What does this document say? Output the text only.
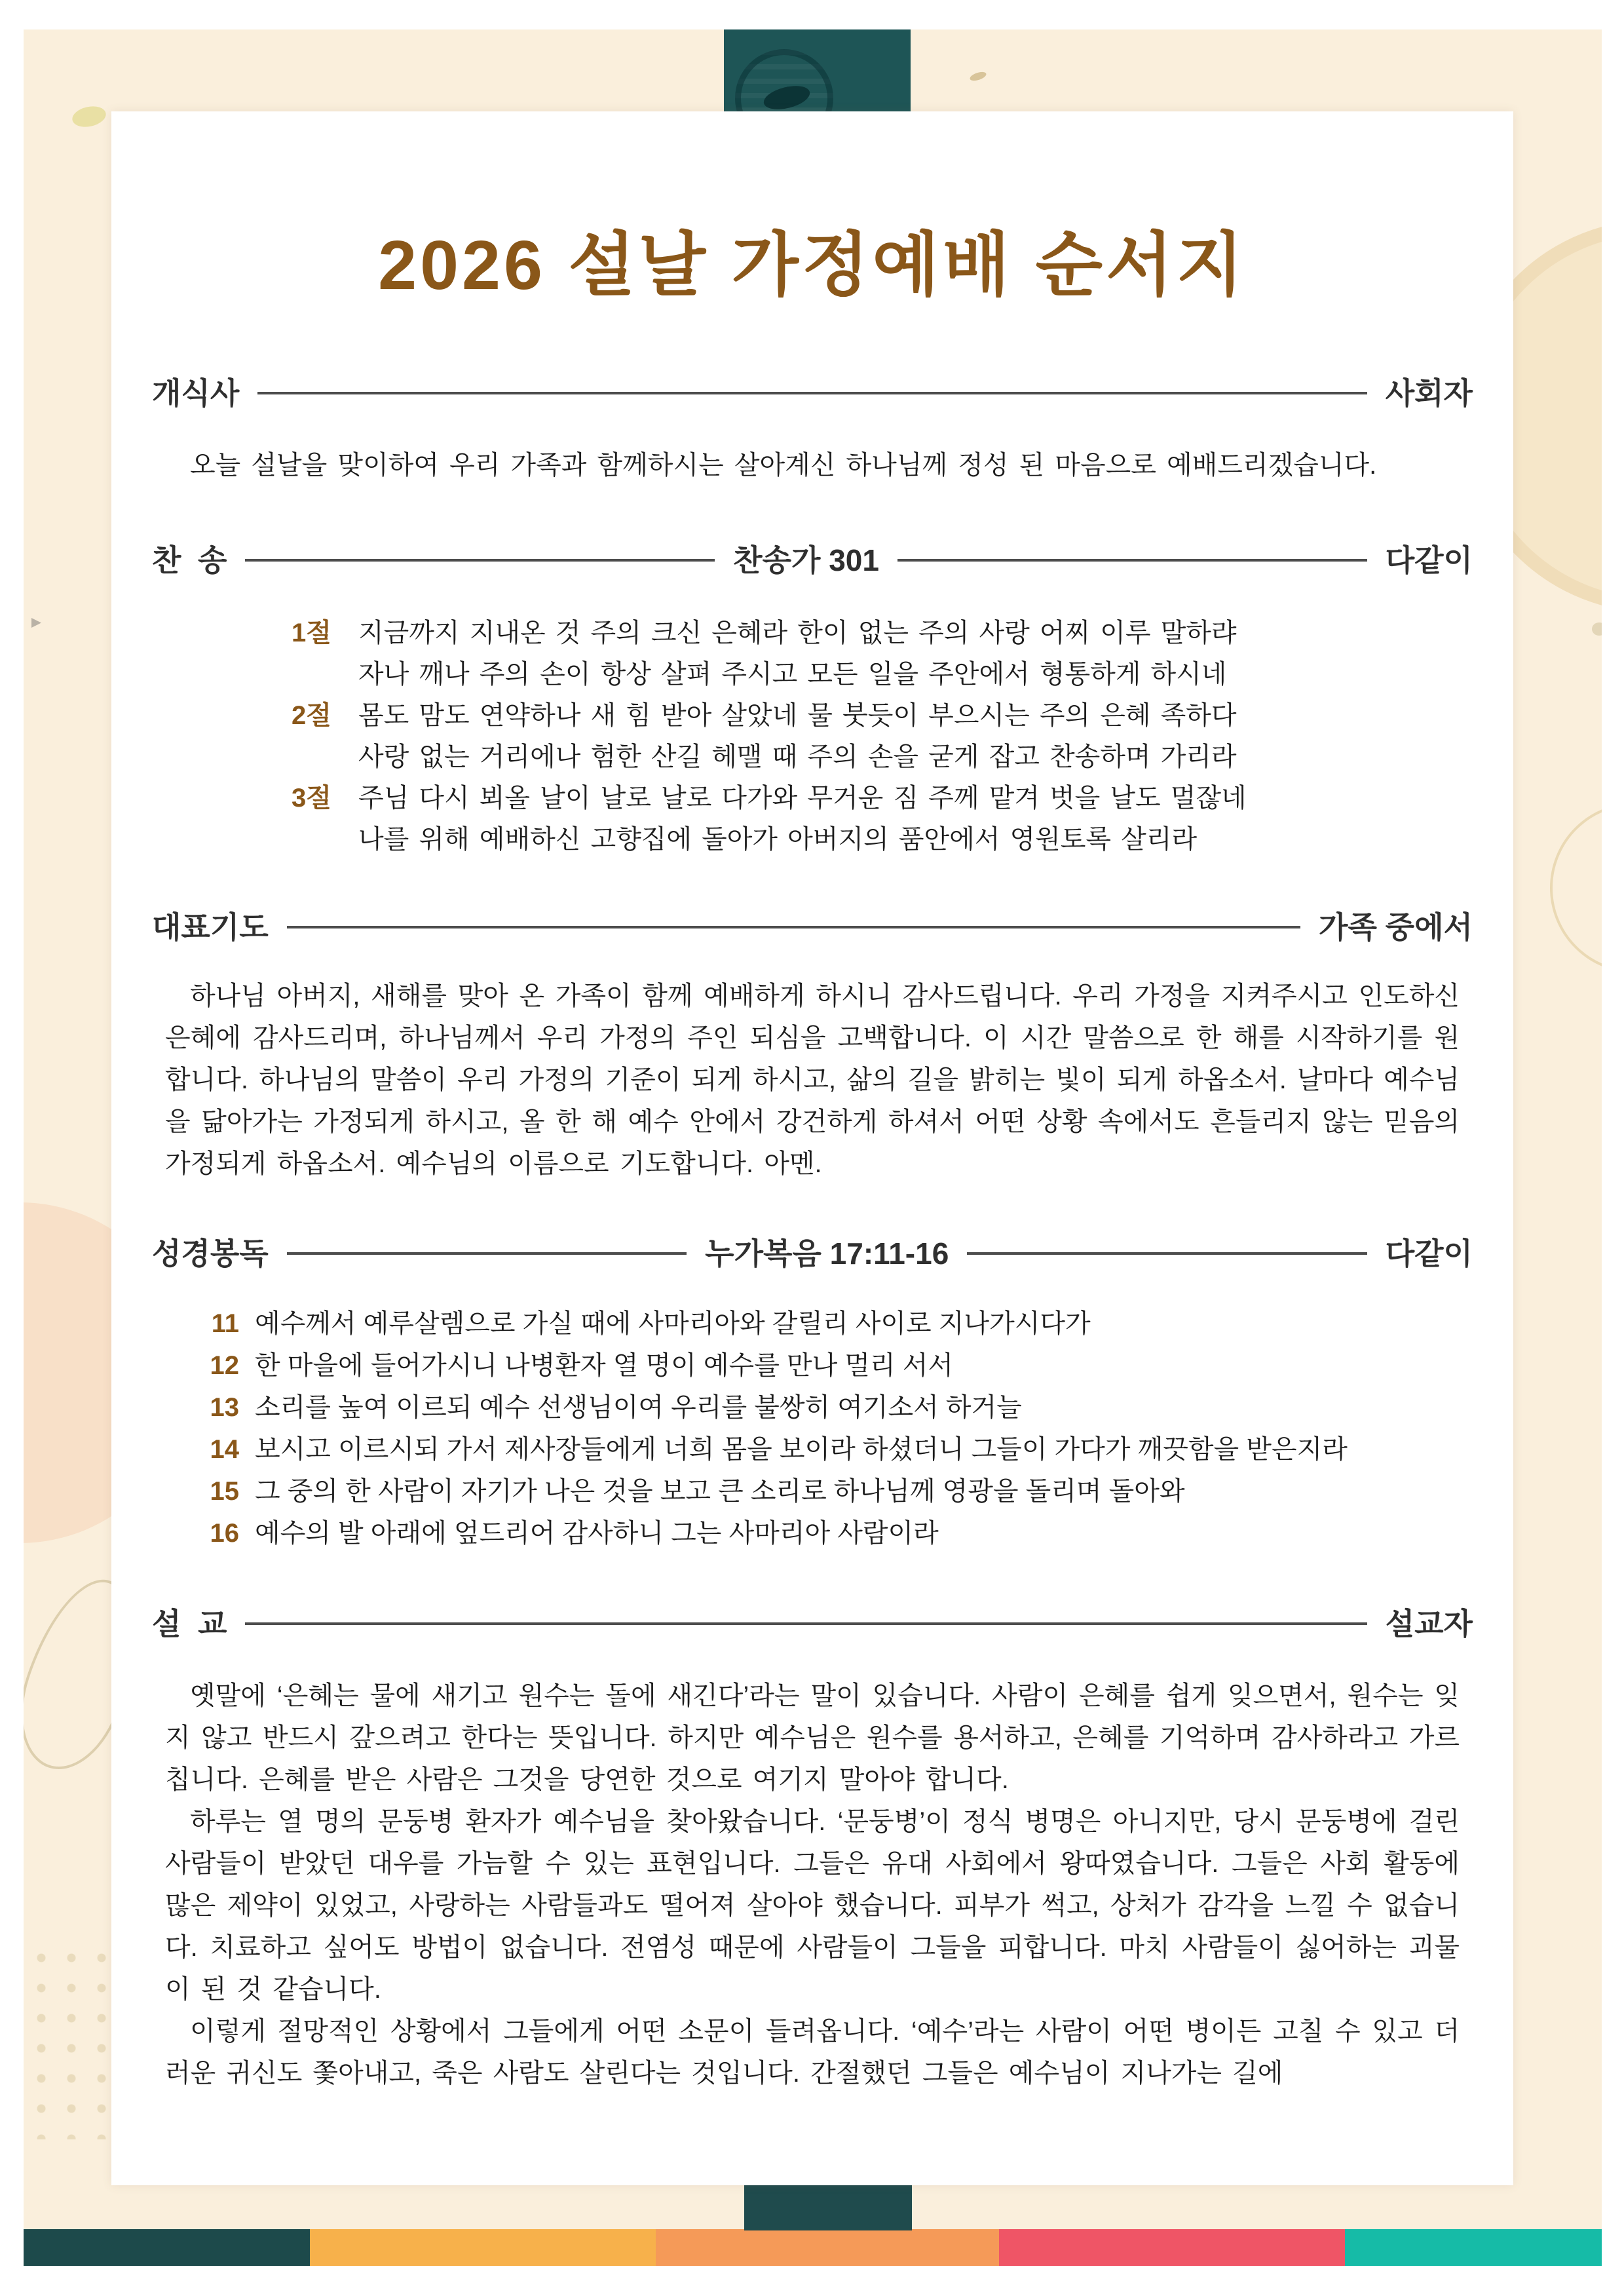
2026 설날 가정예배 순서지
개식사	사회자

오늘 설날을 맞이하여 우리 가족과 함께하시는 살아계신 하나님께 정성 된 마음으로 예배드리겠습니다.

찬  송	찬송가 301	다같이
1절	지금까지 지내온 것 주의 크신 은혜라 한이 없는 주의 사랑 어찌 이루 말하랴
자나 깨나 주의 손이 항상 살펴 주시고 모든 일을 주안에서 형통하게 하시네
2절	몸도 맘도 연약하나 새 힘 받아 살았네 물 붓듯이 부으시는 주의 은혜 족하다
사랑 없는 거리에나 험한 산길 헤맬 때 주의 손을 굳게 잡고 찬송하며 가리라
3절	주님 다시 뵈올 날이 날로 날로 다가와 무거운 짐 주께 맡겨 벗을 날도 멀잖네
나를 위해 예배하신 고향집에 돌아가 아버지의 품안에서 영원토록 살리라
대표기도	가족 중에서

하나님 아버지, 새해를 맞아 온 가족이 함께 예배하게 하시니 감사드립니다. 우리 가정을 지켜주시고 인도하신 은혜에 감사드리며, 하나님께서 우리 가정의 주인 되심을 고백합니다. 이 시간 말씀으로 한 해를 시작하기를 원합니다. 하나님의 말씀이 우리 가정의 기준이 되게 하시고, 삶의 길을 밝히는 빛이 되게 하옵소서. 날마다 예수님을 닮아가는 가정되게 하시고, 올 한 해 예수 안에서 강건하게 하셔서 어떤 상황 속에서도 흔들리지 않는 믿음의 가정되게 하옵소서. 예수님의 이름으로 기도합니다. 아멘.

성경봉독	누가복음 17:11-16	다같이
11 예수께서 예루살렘으로 가실 때에 사마리아와 갈릴리 사이로 지나가시다가
12 한 마을에 들어가시니 나병환자 열 명이 예수를 만나 멀리 서서
13 소리를 높여 이르되 예수 선생님이여 우리를 불쌍히 여기소서 하거늘
14 보시고 이르시되 가서 제사장들에게 너희 몸을 보이라 하셨더니 그들이 가다가 깨끗함을 받은지라
15 그 중의 한 사람이 자기가 나은 것을 보고 큰 소리로 하나님께 영광을 돌리며 돌아와
16 예수의 발 아래에 엎드리어 감사하니 그는 사마리아 사람이라
설  교	설교자

옛말에 ‘은혜는 물에 새기고 원수는 돌에 새긴다’라는 말이 있습니다. 사람이 은혜를 쉽게 잊으면서, 원수는 잊지 않고 반드시 갚으려고 한다는 뜻입니다. 하지만 예수님은 원수를 용서하고, 은혜를 기억하며 감사하라고 가르칩니다. 은혜를 받은 사람은 그것을 당연한 것으로 여기지 말아야 합니다.

하루는 열 명의 문둥병 환자가 예수님을 찾아왔습니다. ‘문둥병’이 정식 병명은 아니지만, 당시 문둥병에 걸린 사람들이 받았던 대우를 가늠할 수 있는 표현입니다. 그들은 유대 사회에서 왕따였습니다. 그들은 사회 활동에 많은 제약이 있었고, 사랑하는 사람들과도 떨어져 살아야 했습니다. 피부가 썩고, 상처가 감각을 느낄 수 없습니다. 치료하고 싶어도 방법이 없습니다. 전염성 때문에 사람들이 그들을 피합니다. 마치 사람들이 싫어하는 괴물이 된 것 같습니다.

이렇게 절망적인 상황에서 그들에게 어떤 소문이 들려옵니다. ‘예수’라는 사람이 어떤 병이든 고칠 수 있고 더러운 귀신도 쫓아내고, 죽은 사람도 살린다는 것입니다. 간절했던 그들은 예수님이 지나가는 길에
